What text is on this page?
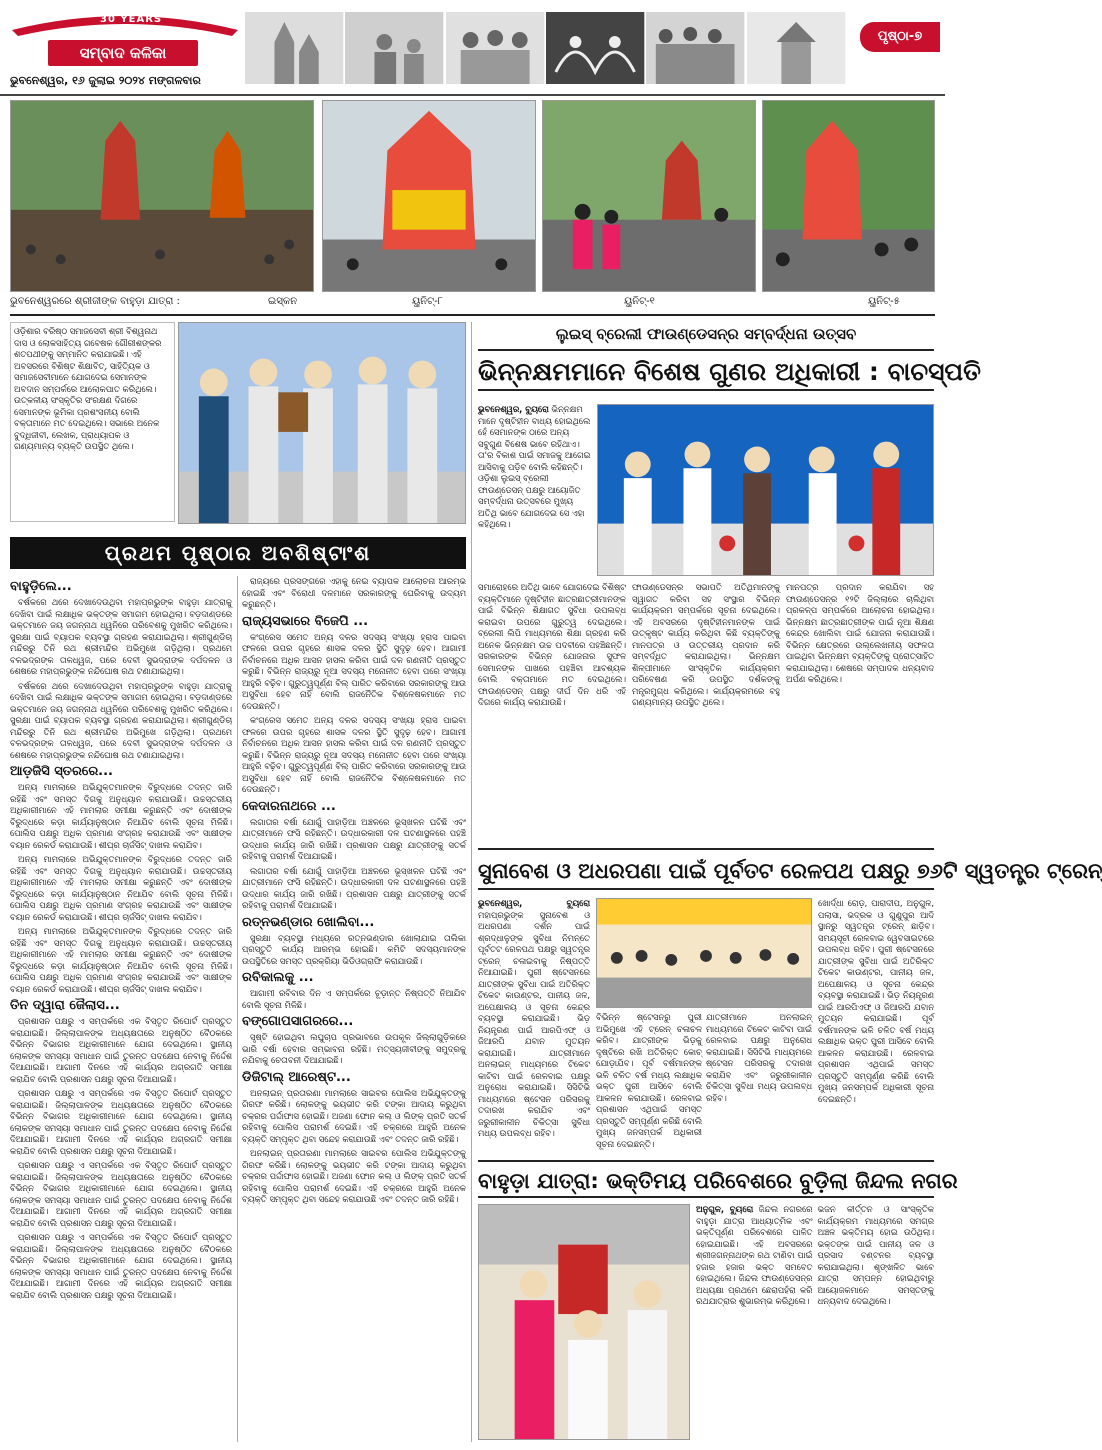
30 YEARS
ସମ୍ବାଦ କଳିକା
ଭୁବନେଶ୍ୱର, ୧୬ ଜୁଲାଇ ୨୦୨୪ ମଙ୍ଗଳବାର
ପୃଷ୍ଠା-୭
ଭୁବନେଶ୍ୱରରେ ଶ୍ରୀଜୀଙ୍କ ବାହୁଡ଼ା ଯାତ୍ରା :	ଇସ୍କନ	ୟୁନିଟ୍-୮	ୟୁନିଟ୍-୧	ୟୁନିଟ୍-୫
ଓଡ଼ିଶାର ବରିଷ୍ଠ ସମାଜସେବୀ ଶ୍ରୀ ବିଶ୍ୱନାଥ ଦାସ ଓ ଲୋକସାହିତ୍ୟ ଗବେଷକ ଗୌରୀଶଙ୍କର ଶତପଥୀଙ୍କୁ ସମ୍ମାନିତ କରାଯାଇଛି। ଏହି ଅବସରରେ ବିଶିଷ୍ଟ ଶିକ୍ଷାବିତ୍, ସାହିତ୍ୟିକ ଓ ସମାଜସେବୀମାନେ ଯୋଗଦେଇ ସେମାନଙ୍କ ଅବଦାନ ସମ୍ପର୍କରେ ଆଲୋକପାତ କରିଥିଲେ। ଉତ୍କଳୀୟ ସଂସ୍କୃତିର ସଂରକ୍ଷଣ ଦିଗରେ ସେମାନଙ୍କ ଭୂମିକା ପ୍ରଶଂସନୀୟ ବୋଲି ବକ୍ତାମାନେ ମତ ଦେଇଥିଲେ। ସଭାରେ ଅନେକ ବୁଦ୍ଧିଜୀବୀ, ଲେଖକ, ପ୍ରାଧ୍ୟାପକ ଓ ଗଣ୍ୟମାନ୍ୟ ବ୍ୟକ୍ତି ଉପସ୍ଥିତ ଥିଲେ।
ଲୁଇସ୍ ବ୍ରେଲୀ ଫାଉଣ୍ଡେସନ୍‌ର ସମ୍ବର୍ଦ୍ଧନା ଉତ୍ସବ
ଭିନ୍ନକ୍ଷମମାନେ ବିଶେଷ ଗୁଣର ଅଧିକାରୀ : ବାଚସ୍ପତି
ଭୁବନେଶ୍ୱର, ବ୍ୟୁରୋ ଭିନ୍ନକ୍ଷମ ମାନେ ଦୃଷ୍ଟିହୀନ ବାଧ୍ୟ ହୋଇଥିଲେ ହେଁ ସେମାନଙ୍କ ଠାରେ ଅନ୍ୟ ସବୁଗୁଣ ବିଶେଷ ଭାବେ ରହିଥାଏ। ତା'ର ବିକାଶ ପାଇଁ ସମାଜକୁ ଆଗେଇ ଆସିବାକୁ ପଡ଼ିବ ବୋଲି କହିଛନ୍ତି। ଓଡ଼ିଶା ଲୁଇସ୍ ବ୍ରେଲୀ ଫାଉଣ୍ଡେସନ୍ ପକ୍ଷରୁ ଆୟୋଜିତ ସମ୍ବର୍ଦ୍ଧନା ଉତ୍ସବରେ ମୁଖ୍ୟ ଅତିଥି ଭାବେ ଯୋଗଦେଇ ସେ ଏହା କହିଥିଲେ।
ସମାରୋହରେ ଅତିଥି ଭାବେ ଯୋଗଦେଇ ବିଶିଷ୍ଟ ବ୍ୟକ୍ତିମାନେ ଦୃଷ୍ଟିହୀନ ଛାତ୍ରଛାତ୍ରୀମାନଙ୍କ ପାଇଁ ବିଭିନ୍ନ ଶିକ୍ଷାଗତ ସୁବିଧା ଉପଲବ୍ଧ କରାଇବା ଉପରେ ଗୁରୁତ୍ୱ ଦେଇଥିଲେ। ବ୍ରେଲୀ ଲିପି ମାଧ୍ୟମରେ ଶିକ୍ଷା ଗ୍ରହଣ କରି ଅନେକ ଭିନ୍ନକ୍ଷମ ଉଚ୍ଚ ପଦବୀରେ ପହଞ୍ଚିଛନ୍ତି। ସରକାରଙ୍କ ବିଭିନ୍ନ ଯୋଜନାର ସୁଫଳ ସେମାନଙ୍କ ପାଖରେ ପହଞ୍ଚିବା ଆବଶ୍ୟକ ବୋଲି ବକ୍ତାମାନେ ମତ ଦେଇଥିଲେ। ଫାଉଣ୍ଡେସନ୍ ପକ୍ଷରୁ ଦୀର୍ଘ ଦିନ ଧରି ଏହି ଦିଗରେ କାର୍ଯ୍ୟ କରାଯାଉଛି।
ଫାଉଣ୍ଡେସନ୍‌ର ସଭାପତି ଅତିଥିମାନଙ୍କୁ ସ୍ୱାଗତ କରିବା ସହ ସଂସ୍ଥାର ବିଭିନ୍ନ କାର୍ଯ୍ୟକ୍ରମ ସମ୍ପର୍କରେ ସୂଚନା ଦେଇଥିଲେ। ଏହି ଅବସରରେ ଦୃଷ୍ଟିହୀନମାନଙ୍କ ପାଇଁ ଉତ୍କୃଷ୍ଟ କାର୍ଯ୍ୟ କରିଥିବା କିଛି ବ୍ୟକ୍ତିଙ୍କୁ ମାନପତ୍ର ଓ ଉତ୍ତରୀୟ ପ୍ରଦାନ କରି ସମ୍ବର୍ଦ୍ଧିତ କରାଯାଇଥିଲା। ଭିନ୍ନକ୍ଷମ ଶିଳ୍ପୀମାନେ ସାଂସ୍କୃତିକ କାର୍ଯ୍ୟକ୍ରମ ପରିବେଷଣ କରି ଉପସ୍ଥିତ ଦର୍ଶକଙ୍କୁ ମନ୍ତ୍ରମୁଗ୍ଧ କରିଥିଲେ। କାର୍ଯ୍ୟକ୍ରମରେ ବହୁ ଗଣ୍ୟମାନ୍ୟ ଉପସ୍ଥିତ ଥିଲେ।
ମାନପତ୍ର ପ୍ରଦାନ କରାଯିବା ସହ ଫାଉଣ୍ଡେସନ୍‌ର ୧୨ଟି ଜିଲ୍ଲାରେ ଚାଲିଥିବା ପ୍ରକଳ୍ପ ସମ୍ପର୍କରେ ଆଲୋଚନା ହୋଇଥିଲା। ଭିନ୍ନକ୍ଷମ ଛାତ୍ରଛାତ୍ରୀଙ୍କ ପାଇଁ ନୂଆ ଶିକ୍ଷଣ କେନ୍ଦ୍ର ଖୋଲିବା ପାଇଁ ଯୋଜନା କରାଯାଉଛି। ବିଭିନ୍ନ କ୍ଷେତ୍ରରେ ଉଲ୍ଲେଖନୀୟ ସଫଳତା ପାଇଥିବା ଭିନ୍ନକ୍ଷମ ବ୍ୟକ୍ତିଙ୍କୁ ପ୍ରୋତ୍ସାହିତ କରାଯାଇଥିଲା। ଶେଷରେ ସମ୍ପାଦକ ଧନ୍ୟବାଦ ଅର୍ପଣ କରିଥିଲେ।
ପ୍ରଥମ ପୃଷ୍ଠାର ଅବଶିଷ୍ଟାଂଶ
ବାହୁଡ଼ିଲେ...

ବର୍ଷକରେ ଥରେ ଦେଖାଦେଉଥିବା ମହାପ୍ରଭୁଙ୍କ ବାହୁଡ଼ା ଯାତ୍ରାକୁ ଦେଖିବା ପାଇଁ ଲକ୍ଷାଧିକ ଭକ୍ତଙ୍କ ସମାଗମ ହୋଇଥିଲା। ବଡ଼ଦାଣ୍ଡରେ ଭକ୍ତମାନେ ଜୟ ଜଗନ୍ନାଥ ଧ୍ୱନିରେ ପରିବେଶକୁ ମୁଖରିତ କରିଥିଲେ। ସୁରକ୍ଷା ପାଇଁ ବ୍ୟାପକ ବ୍ୟବସ୍ଥା ଗ୍ରହଣ କରାଯାଇଥିଲା। ଶ୍ରୀଗୁଣ୍ଡିଚା ମନ୍ଦିରରୁ ତିନି ରଥ ଶ୍ରୀମନ୍ଦିର ଅଭିମୁଖେ ଗଡ଼ିଥିଲା। ପ୍ରଥମେ ବଳଭଦ୍ରଙ୍କ ତାଳଧ୍ୱଜ, ପରେ ଦେବୀ ସୁଭଦ୍ରାଙ୍କ ଦର୍ପଦଳନ ଓ ଶେଷରେ ମହାପ୍ରଭୁଙ୍କ ନନ୍ଦିଘୋଷ ରଥ ଟଣାଯାଇଥିଲା।

ବର୍ଷକରେ ଥରେ ଦେଖାଦେଉଥିବା ମହାପ୍ରଭୁଙ୍କ ବାହୁଡ଼ା ଯାତ୍ରାକୁ ଦେଖିବା ପାଇଁ ଲକ୍ଷାଧିକ ଭକ୍ତଙ୍କ ସମାଗମ ହୋଇଥିଲା। ବଡ଼ଦାଣ୍ଡରେ ଭକ୍ତମାନେ ଜୟ ଜଗନ୍ନାଥ ଧ୍ୱନିରେ ପରିବେଶକୁ ମୁଖରିତ କରିଥିଲେ। ସୁରକ୍ଷା ପାଇଁ ବ୍ୟାପକ ବ୍ୟବସ୍ଥା ଗ୍ରହଣ କରାଯାଇଥିଲା। ଶ୍ରୀଗୁଣ୍ଡିଚା ମନ୍ଦିରରୁ ତିନି ରଥ ଶ୍ରୀମନ୍ଦିର ଅଭିମୁଖେ ଗଡ଼ିଥିଲା। ପ୍ରଥମେ ବଳଭଦ୍ରଙ୍କ ତାଳଧ୍ୱଜ, ପରେ ଦେବୀ ସୁଭଦ୍ରାଙ୍କ ଦର୍ପଦଳନ ଓ ଶେଷରେ ମହାପ୍ରଭୁଙ୍କ ନନ୍ଦିଘୋଷ ରଥ ଟଣାଯାଇଥିଲା।

ଆଡ଼ଜିସି ସ୍ତରରେ...

ଅନ୍ୟ ମାମଲାରେ ଅଭିଯୁକ୍ତମାନଙ୍କ ବିରୁଦ୍ଧରେ ତଦନ୍ତ ଜାରି ରହିଛି ଏବଂ ସମସ୍ତ ଦିଗକୁ ଅନୁଧ୍ୟାନ କରାଯାଉଛି। ଉଚ୍ଚସ୍ତରୀୟ ଅଧିକାରୀମାନେ ଏହି ମାମଲାର ସମୀକ୍ଷା କରୁଛନ୍ତି ଏବଂ ଦୋଷୀଙ୍କ ବିରୁଦ୍ଧରେ କଡ଼ା କାର୍ଯ୍ୟାନୁଷ୍ଠାନ ନିଆଯିବ ବୋଲି ସୂଚନା ମିଳିଛି। ପୋଲିସ ପକ୍ଷରୁ ଅଧିକ ପ୍ରମାଣ ସଂଗ୍ରହ କରାଯାଉଛି ଏବଂ ସାକ୍ଷୀଙ୍କ ବୟାନ ରେକର୍ଡ କରାଯାଉଛି। ଶୀଘ୍ର ଚାର୍ଜସିଟ୍ ଦାଖଲ କରାଯିବ।

ଅନ୍ୟ ମାମଲାରେ ଅଭିଯୁକ୍ତମାନଙ୍କ ବିରୁଦ୍ଧରେ ତଦନ୍ତ ଜାରି ରହିଛି ଏବଂ ସମସ୍ତ ଦିଗକୁ ଅନୁଧ୍ୟାନ କରାଯାଉଛି। ଉଚ୍ଚସ୍ତରୀୟ ଅଧିକାରୀମାନେ ଏହି ମାମଲାର ସମୀକ୍ଷା କରୁଛନ୍ତି ଏବଂ ଦୋଷୀଙ୍କ ବିରୁଦ୍ଧରେ କଡ଼ା କାର୍ଯ୍ୟାନୁଷ୍ଠାନ ନିଆଯିବ ବୋଲି ସୂଚନା ମିଳିଛି। ପୋଲିସ ପକ୍ଷରୁ ଅଧିକ ପ୍ରମାଣ ସଂଗ୍ରହ କରାଯାଉଛି ଏବଂ ସାକ୍ଷୀଙ୍କ ବୟାନ ରେକର୍ଡ କରାଯାଉଛି। ଶୀଘ୍ର ଚାର୍ଜସିଟ୍ ଦାଖଲ କରାଯିବ।

ଅନ୍ୟ ମାମଲାରେ ଅଭିଯୁକ୍ତମାନଙ୍କ ବିରୁଦ୍ଧରେ ତଦନ୍ତ ଜାରି ରହିଛି ଏବଂ ସମସ୍ତ ଦିଗକୁ ଅନୁଧ୍ୟାନ କରାଯାଉଛି। ଉଚ୍ଚସ୍ତରୀୟ ଅଧିକାରୀମାନେ ଏହି ମାମଲାର ସମୀକ୍ଷା କରୁଛନ୍ତି ଏବଂ ଦୋଷୀଙ୍କ ବିରୁଦ୍ଧରେ କଡ଼ା କାର୍ଯ୍ୟାନୁଷ୍ଠାନ ନିଆଯିବ ବୋଲି ସୂଚନା ମିଳିଛି। ପୋଲିସ ପକ୍ଷରୁ ଅଧିକ ପ୍ରମାଣ ସଂଗ୍ରହ କରାଯାଉଛି ଏବଂ ସାକ୍ଷୀଙ୍କ ବୟାନ ରେକର୍ଡ କରାଯାଉଛି। ଶୀଘ୍ର ଚାର୍ଜସିଟ୍ ଦାଖଲ କରାଯିବ।

ତିନ ଦ୍ୱାରା ଜୈଲାସ...

ପ୍ରଶାସନ ପକ୍ଷରୁ ଏ ସମ୍ପର୍କରେ ଏକ ବିସ୍ତୃତ ରିପୋର୍ଟ ପ୍ରସ୍ତୁତ କରାଯାଇଛି। ଜିଲ୍ଲାପାଳଙ୍କ ଅଧ୍ୟକ୍ଷତାରେ ଅନୁଷ୍ଠିତ ବୈଠକରେ ବିଭିନ୍ନ ବିଭାଗର ଅଧିକାରୀମାନେ ଯୋଗ ଦେଇଥିଲେ। ସ୍ଥାନୀୟ ଲୋକଙ୍କ ସମସ୍ୟା ସମାଧାନ ପାଇଁ ତୁରନ୍ତ ପଦକ୍ଷେପ ନେବାକୁ ନିର୍ଦ୍ଦେଶ ଦିଆଯାଇଛି। ଆଗାମୀ ଦିନରେ ଏହି କାର୍ଯ୍ୟର ଅଗ୍ରଗତି ସମୀକ୍ଷା କରାଯିବ ବୋଲି ପ୍ରଶାସନ ପକ୍ଷରୁ ସୂଚନା ଦିଆଯାଇଛି।

ପ୍ରଶାସନ ପକ୍ଷରୁ ଏ ସମ୍ପର୍କରେ ଏକ ବିସ୍ତୃତ ରିପୋର୍ଟ ପ୍ରସ୍ତୁତ କରାଯାଇଛି। ଜିଲ୍ଲାପାଳଙ୍କ ଅଧ୍ୟକ୍ଷତାରେ ଅନୁଷ୍ଠିତ ବୈଠକରେ ବିଭିନ୍ନ ବିଭାଗର ଅଧିକାରୀମାନେ ଯୋଗ ଦେଇଥିଲେ। ସ୍ଥାନୀୟ ଲୋକଙ୍କ ସମସ୍ୟା ସମାଧାନ ପାଇଁ ତୁରନ୍ତ ପଦକ୍ଷେପ ନେବାକୁ ନିର୍ଦ୍ଦେଶ ଦିଆଯାଇଛି। ଆଗାମୀ ଦିନରେ ଏହି କାର୍ଯ୍ୟର ଅଗ୍ରଗତି ସମୀକ୍ଷା କରାଯିବ ବୋଲି ପ୍ରଶାସନ ପକ୍ଷରୁ ସୂଚନା ଦିଆଯାଇଛି।

ପ୍ରଶାସନ ପକ୍ଷରୁ ଏ ସମ୍ପର୍କରେ ଏକ ବିସ୍ତୃତ ରିପୋର୍ଟ ପ୍ରସ୍ତୁତ କରାଯାଇଛି। ଜିଲ୍ଲାପାଳଙ୍କ ଅଧ୍ୟକ୍ଷତାରେ ଅନୁଷ୍ଠିତ ବୈଠକରେ ବିଭିନ୍ନ ବିଭାଗର ଅଧିକାରୀମାନେ ଯୋଗ ଦେଇଥିଲେ। ସ୍ଥାନୀୟ ଲୋକଙ୍କ ସମସ୍ୟା ସମାଧାନ ପାଇଁ ତୁରନ୍ତ ପଦକ୍ଷେପ ନେବାକୁ ନିର୍ଦ୍ଦେଶ ଦିଆଯାଇଛି। ଆଗାମୀ ଦିନରେ ଏହି କାର୍ଯ୍ୟର ଅଗ୍ରଗତି ସମୀକ୍ଷା କରାଯିବ ବୋଲି ପ୍ରଶାସନ ପକ୍ଷରୁ ସୂଚନା ଦିଆଯାଇଛି।

ପ୍ରଶାସନ ପକ୍ଷରୁ ଏ ସମ୍ପର୍କରେ ଏକ ବିସ୍ତୃତ ରିପୋର୍ଟ ପ୍ରସ୍ତୁତ କରାଯାଇଛି। ଜିଲ୍ଲାପାଳଙ୍କ ଅଧ୍ୟକ୍ଷତାରେ ଅନୁଷ୍ଠିତ ବୈଠକରେ ବିଭିନ୍ନ ବିଭାଗର ଅଧିକାରୀମାନେ ଯୋଗ ଦେଇଥିଲେ। ସ୍ଥାନୀୟ ଲୋକଙ୍କ ସମସ୍ୟା ସମାଧାନ ପାଇଁ ତୁରନ୍ତ ପଦକ୍ଷେପ ନେବାକୁ ନିର୍ଦ୍ଦେଶ ଦିଆଯାଇଛି। ଆଗାମୀ ଦିନରେ ଏହି କାର୍ଯ୍ୟର ଅଗ୍ରଗତି ସମୀକ୍ଷା କରାଯିବ ବୋଲି ପ୍ରଶାସନ ପକ୍ଷରୁ ସୂଚନା ଦିଆଯାଇଛି।

ରାଜ୍ୟରେ ପ୍ରସଙ୍ଗରେ ଏହାକୁ ନେଇ ବ୍ୟାପକ ଆଲୋଚନା ଆରମ୍ଭ ହୋଇଛି ଏବଂ ବିରୋଧୀ ଦଳମାନେ ସରକାରଙ୍କୁ ଘେରିବାକୁ ଉଦ୍ୟମ କରୁଛନ୍ତି।

ରାଜ୍ୟସଭାରେ ବିଜେପି ...

କଂଗ୍ରେସ ସମେତ ଅନ୍ୟ ଦଳର ସଦସ୍ୟ ସଂଖ୍ୟା ହ୍ରାସ ପାଇବା ଫଳରେ ଉପର ଗୃହରେ ଶାସକ ଦଳର ସ୍ଥିତି ସୁଦୃଢ଼ ହେବ। ଆଗାମୀ ନିର୍ବାଚନରେ ଅଧିକ ଆସନ ହାସଲ କରିବା ପାଇଁ ଦଳ ରଣନୀତି ପ୍ରସ୍ତୁତ କରୁଛି। ବିଭିନ୍ନ ରାଜ୍ୟରୁ ନୂଆ ସଦସ୍ୟ ମନୋନୀତ ହେବା ପରେ ସଂଖ୍ୟା ଆହୁରି ବଢ଼ିବ। ଗୁରୁତ୍ୱପୂର୍ଣ୍ଣ ବିଲ୍ ପାରିତ କରିବାରେ ସରକାରଙ୍କୁ ଆଉ ଅସୁବିଧା ହେବ ନାହିଁ ବୋଲି ରାଜନୈତିକ ବିଶ୍ଳେଷକମାନେ ମତ ଦେଉଛନ୍ତି।

କଂଗ୍ରେସ ସମେତ ଅନ୍ୟ ଦଳର ସଦସ୍ୟ ସଂଖ୍ୟା ହ୍ରାସ ପାଇବା ଫଳରେ ଉପର ଗୃହରେ ଶାସକ ଦଳର ସ୍ଥିତି ସୁଦୃଢ଼ ହେବ। ଆଗାମୀ ନିର୍ବାଚନରେ ଅଧିକ ଆସନ ହାସଲ କରିବା ପାଇଁ ଦଳ ରଣନୀତି ପ୍ରସ୍ତୁତ କରୁଛି। ବିଭିନ୍ନ ରାଜ୍ୟରୁ ନୂଆ ସଦସ୍ୟ ମନୋନୀତ ହେବା ପରେ ସଂଖ୍ୟା ଆହୁରି ବଢ଼ିବ। ଗୁରୁତ୍ୱପୂର୍ଣ୍ଣ ବିଲ୍ ପାରିତ କରିବାରେ ସରକାରଙ୍କୁ ଆଉ ଅସୁବିଧା ହେବ ନାହିଁ ବୋଲି ରାଜନୈତିକ ବିଶ୍ଳେଷକମାନେ ମତ ଦେଉଛନ୍ତି।

କେଦାରନାଥରେ ...

ଲଗାତାର ବର୍ଷା ଯୋଗୁଁ ପାହାଡ଼ିଆ ଅଞ୍ଚଳରେ ଭୂସ୍ଖଳନ ଘଟିଛି ଏବଂ ଯାତ୍ରୀମାନେ ଫସି ରହିଛନ୍ତି। ଉଦ୍ଧାରକାରୀ ଦଳ ଘଟଣାସ୍ଥଳରେ ପହଞ୍ଚି ଉଦ୍ଧାର କାର୍ଯ୍ୟ ଜାରି ରଖିଛି। ପ୍ରଶାସନ ପକ୍ଷରୁ ଯାତ୍ରୀଙ୍କୁ ସତର୍କ ରହିବାକୁ ପରାମର୍ଶ ଦିଆଯାଇଛି।

ଲଗାତାର ବର୍ଷା ଯୋଗୁଁ ପାହାଡ଼ିଆ ଅଞ୍ଚଳରେ ଭୂସ୍ଖଳନ ଘଟିଛି ଏବଂ ଯାତ୍ରୀମାନେ ଫସି ରହିଛନ୍ତି। ଉଦ୍ଧାରକାରୀ ଦଳ ଘଟଣାସ୍ଥଳରେ ପହଞ୍ଚି ଉଦ୍ଧାର କାର୍ଯ୍ୟ ଜାରି ରଖିଛି। ପ୍ରଶାସନ ପକ୍ଷରୁ ଯାତ୍ରୀଙ୍କୁ ସତର୍କ ରହିବାକୁ ପରାମର୍ଶ ଦିଆଯାଇଛି।

ରତ୍ନଭଣ୍ଡାର ଖୋଲିବା...

ସୁରକ୍ଷା ବ୍ୟବସ୍ଥା ମଧ୍ୟରେ ରତ୍ନଭଣ୍ଡାର ଖୋଲାଯାଇ ତାଲିକା ପ୍ରସ୍ତୁତି କାର୍ଯ୍ୟ ଆରମ୍ଭ ହୋଇଛି। କମିଟି ସଦସ୍ୟମାନଙ୍କ ଉପସ୍ଥିତିରେ ସମସ୍ତ ପ୍ରକ୍ରିୟା ଭିଡିଓଗ୍ରାଫି କରାଯାଉଛି।

ରବିକାଲକୁ ...

ଆଗାମୀ ରବିବାର ଦିନ ଏ ସମ୍ପର୍କରେ ଚୂଡ଼ାନ୍ତ ନିଷ୍ପତ୍ତି ନିଆଯିବ ବୋଲି ସୂଚନା ମିଳିଛି।

ବଙ୍ଗୋପସାଗରରେ...

ସୃଷ୍ଟି ହୋଇଥିବା ଲଘୁଚାପ ପ୍ରଭାବରେ ଉପକୂଳ ଜିଲ୍ଲାଗୁଡ଼ିକରେ ଭାରି ବର୍ଷା ହେବାର ସମ୍ଭାବନା ରହିଛି। ମତ୍ସ୍ୟଜୀବୀଙ୍କୁ ସମୁଦ୍ରକୁ ନଯିବାକୁ ଚେତାବନୀ ଦିଆଯାଇଛି।

ଡିଜିଟାଲ୍ ଆରେଷ୍ଟ...

ଅନଲାଇନ୍ ପ୍ରତାରଣା ମାମଲାରେ ସାଇବର ପୋଲିସ ଅଭିଯୁକ୍ତଙ୍କୁ ଗିରଫ କରିଛି। ଲୋକଙ୍କୁ ଭୟଭୀତ କରି ଟଙ୍କା ଆଦାୟ କରୁଥିବା ଚକ୍ରର ପର୍ଦ୍ଦାଫାସ ହୋଇଛି। ଅଜଣା ଫୋନ କଲ୍ ଓ ଲିଙ୍କ୍ ପ୍ରତି ସତର୍କ ରହିବାକୁ ପୋଲିସ ପରାମର୍ଶ ଦେଇଛି। ଏହି ଚକ୍ରରେ ଆହୁରି ଅନେକ ବ୍ୟକ୍ତି ସମ୍ପୃକ୍ତ ଥିବା ସନ୍ଦେହ କରାଯାଉଛି ଏବଂ ତଦନ୍ତ ଜାରି ରହିଛି।

ଅନଲାଇନ୍ ପ୍ରତାରଣା ମାମଲାରେ ସାଇବର ପୋଲିସ ଅଭିଯୁକ୍ତଙ୍କୁ ଗିରଫ କରିଛି। ଲୋକଙ୍କୁ ଭୟଭୀତ କରି ଟଙ୍କା ଆଦାୟ କରୁଥିବା ଚକ୍ରର ପର୍ଦ୍ଦାଫାସ ହୋଇଛି। ଅଜଣା ଫୋନ କଲ୍ ଓ ଲିଙ୍କ୍ ପ୍ରତି ସତର୍କ ରହିବାକୁ ପୋଲିସ ପରାମର୍ଶ ଦେଇଛି। ଏହି ଚକ୍ରରେ ଆହୁରି ଅନେକ ବ୍ୟକ୍ତି ସମ୍ପୃକ୍ତ ଥିବା ସନ୍ଦେହ କରାଯାଉଛି ଏବଂ ତଦନ୍ତ ଜାରି ରହିଛି।

ସୁନାବେଶ ଓ ଅଧରପଣା ପାଇଁ ପୂର୍ବତଟ ରେଳପଥ ପକ୍ଷରୁ ୭୬ଟି ସ୍ୱତନ୍ତ୍ର ଟ୍ରେନ୍
ଭୁବନେଶ୍ୱର, ବ୍ୟୁରୋ ମହାପ୍ରଭୁଙ୍କ ସୁନାବେଶ ଓ ଅଧରପଣା ଦର୍ଶନ ପାଇଁ ଶ୍ରଦ୍ଧାଳୁଙ୍କ ସୁବିଧା ନିମନ୍ତେ ପୂର୍ବତଟ ରେଳପଥ ପକ୍ଷରୁ ସ୍ୱତନ୍ତ୍ର ଟ୍ରେନ୍ ଚଳାଇବାକୁ ନିଷ୍ପତ୍ତି ନିଆଯାଇଛି। ପୁରୀ ଷ୍ଟେସନରେ ଯାତ୍ରୀଙ୍କ ସୁବିଧା ପାଇଁ ଅତିରିକ୍ତ ଟିକେଟ କାଉଣ୍ଟର, ପାନୀୟ ଜଳ, ଅପେକ୍ଷାଳୟ ଓ ସୂଚନା କେନ୍ଦ୍ର ବ୍ୟବସ୍ଥା କରାଯାଇଛି। ଭିଡ଼ ନିୟନ୍ତ୍ରଣ ପାଇଁ ଆରପିଏଫ୍ ଓ ଜିଆରପି ଯବାନ ମୁତୟନ କରାଯାଇଛି।	ଯାତ୍ରୀମାନେ ଅନଲାଇନ୍ ମାଧ୍ୟମରେ ଟିକେଟ କାଟିବା ପାଇଁ ରେଳବାଇ ପକ୍ଷରୁ ଅନୁରୋଧ କରାଯାଇଛି। ସିସିଟିଭି ମାଧ୍ୟମରେ ଷ୍ଟେସନ ପରିସରକୁ ତଦାରଖ କରାଯିବ ଏବଂ ଜରୁରୀକାଳୀନ ଚିକିତ୍ସା ସୁବିଧା ମଧ୍ୟ ଉପଲବ୍ଧ ରହିବ।
ବିଭିନ୍ନ ଷ୍ଟେସନରୁ ପୁରୀ ଅଭିମୁଖେ ଏହି ଟ୍ରେନ୍ ଚଳାଚଳ କରିବ। ଯାତ୍ରୀଙ୍କ ଭିଡ଼କୁ ଦୃଷ୍ଟିରେ ରଖି ଅତିରିକ୍ତ କୋଚ୍ ଯୋଡ଼ାଯିବ। ପୂର୍ବ ବର୍ଷମାନଙ୍କ ଭଳି ଚଳିତ ବର୍ଷ ମଧ୍ୟ ଲକ୍ଷାଧିକ ଭକ୍ତ ପୁରୀ ଆସିବେ ବୋଲି ଆକଳନ କରାଯାଉଛି। ରେଳବାଇ ପ୍ରଶାସନ ଏଥିପାଇଁ ସମସ୍ତ ପ୍ରସ୍ତୁତି ସମ୍ପୂର୍ଣ୍ଣ କରିଛି ବୋଲି ମୁଖ୍ୟ ଜନସମ୍ପର୍କ ଅଧିକାରୀ ସୂଚନା ଦେଇଛନ୍ତି।
ଯାତ୍ରୀମାନେ ଅନଲାଇନ୍ ମାଧ୍ୟମରେ ଟିକେଟ କାଟିବା ପାଇଁ ରେଳବାଇ ପକ୍ଷରୁ ଅନୁରୋଧ କରାଯାଇଛି। ସିସିଟିଭି ମାଧ୍ୟମରେ ଷ୍ଟେସନ ପରିସରକୁ ତଦାରଖ କରାଯିବ ଏବଂ ଜରୁରୀକାଳୀନ ଚିକିତ୍ସା ସୁବିଧା ମଧ୍ୟ ଉପଲବ୍ଧ ରହିବ।
ଖୋର୍ଦ୍ଧା ରୋଡ଼, ପାରାଦୀପ, ଅନୁଗୁଳ, ପଲାସା, ଭଦ୍ରକ ଓ ଗୁଣୁପୁର ଆଦି ସ୍ଥାନରୁ ସ୍ୱତନ୍ତ୍ର ଟ୍ରେନ୍ ଛାଡ଼ିବ। ସମୟସୂଚୀ ରେଳବାଇ ୱେବସାଇଟରେ ଉପଲବ୍ଧ ରହିବ। ପୁରୀ ଷ୍ଟେସନରେ ଯାତ୍ରୀଙ୍କ ସୁବିଧା ପାଇଁ ଅତିରିକ୍ତ ଟିକେଟ କାଉଣ୍ଟର, ପାନୀୟ ଜଳ, ଅପେକ୍ଷାଳୟ ଓ ସୂଚନା କେନ୍ଦ୍ର ବ୍ୟବସ୍ଥା କରାଯାଇଛି। ଭିଡ଼ ନିୟନ୍ତ୍ରଣ ପାଇଁ ଆରପିଏଫ୍ ଓ ଜିଆରପି ଯବାନ ମୁତୟନ କରାଯାଇଛି। ପୂର୍ବ ବର୍ଷମାନଙ୍କ ଭଳି ଚଳିତ ବର୍ଷ ମଧ୍ୟ ଲକ୍ଷାଧିକ ଭକ୍ତ ପୁରୀ ଆସିବେ ବୋଲି ଆକଳନ କରାଯାଉଛି। ରେଳବାଇ ପ୍ରଶାସନ ଏଥିପାଇଁ ସମସ୍ତ ପ୍ରସ୍ତୁତି ସମ୍ପୂର୍ଣ୍ଣ କରିଛି ବୋଲି ମୁଖ୍ୟ ଜନସମ୍ପର୍କ ଅଧିକାରୀ ସୂଚନା ଦେଇଛନ୍ତି।
ବାହୁଡ଼ା ଯାତ୍ରା: ଭକ୍ତିମୟ ପରିବେଶରେ ବୁଡ଼ିଲା ଜିନ୍ଦଲ ନଗର
ଅନୁଗୁଳ, ବ୍ୟୁରୋ ଜିନ୍ଦଲ ନଗରରେ ବାହୁଡ଼ା ଯାତ୍ରା ଆଧ୍ୟାତ୍ମିକ ଏବଂ ଭକ୍ତିପୂର୍ଣ୍ଣ ପରିବେଶରେ ପାଳିତ ହୋଇଯାଇଛି। ଏହି ଅବସରରେ ଶ୍ରୀଜଗନ୍ନାଥଙ୍କ ରଥ ଟାଣିବା ପାଇଁ ହଜାର ହଜାର ଭକ୍ତ ସମବେତ ହୋଇଥିଲେ। ଜିନ୍ଦଲ ଫାଉଣ୍ଡେସନ୍‌ର ଅଧ୍ୟକ୍ଷା ପ୍ରଥମେ ଛେରାପହଁରା କରି ରଥଯାତ୍ରାର ଶୁଭାରମ୍ଭ କରିଥିଲେ।
ଭଜନ କୀର୍ତ୍ତନ ଓ ସାଂସ୍କୃତିକ କାର୍ଯ୍ୟକ୍ରମ ମାଧ୍ୟମରେ ସମଗ୍ର ଅଞ୍ଚଳ ଭକ୍ତିମୟ ହୋଇ ଉଠିଥିଲା। ଭକ୍ତଙ୍କ ପାଇଁ ପାନୀୟ ଜଳ ଓ ପ୍ରସାଦ ବଣ୍ଟନର ବ୍ୟବସ୍ଥା କରାଯାଇଥିଲା। ଶୃଙ୍ଖଳିତ ଭାବେ ଯାତ୍ରା ସମ୍ପନ୍ନ ହୋଇଥିବାରୁ ଆୟୋଜକମାନେ ସମସ୍ତଙ୍କୁ ଧନ୍ୟବାଦ ଦେଇଥିଲେ।
